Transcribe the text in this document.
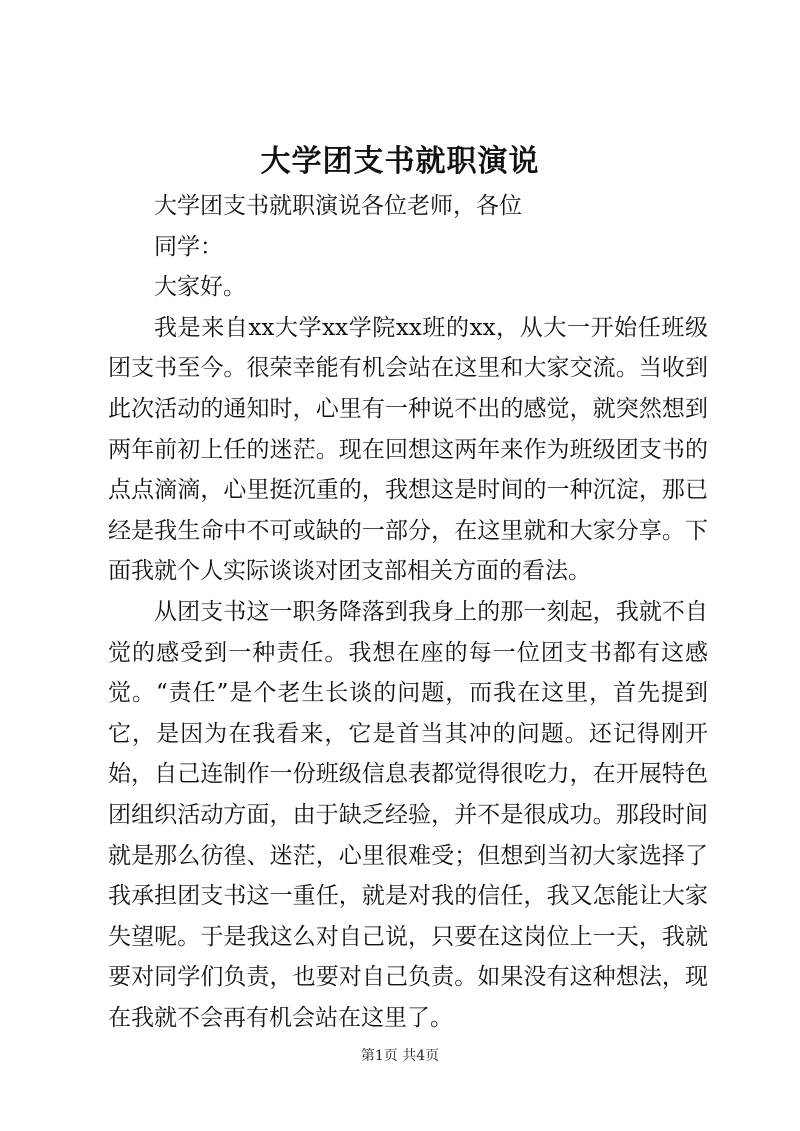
大学团支书就职演说

大学团支书就职演说各位老师，各位

同学：

大家好。

我是来自xx大学xx学院xx班的xx，从大一开始任班级团支书至今。很荣幸能有机会站在这里和大家交流。当收到此次活动的通知时，心里有一种说不出的感觉，就突然想到两年前初上任的迷茫。现在回想这两年来作为班级团支书的点点滴滴，心里挺沉重的，我想这是时间的一种沉淀，那已经是我生命中不可或缺的一部分，在这里就和大家分享。下面我就个人实际谈谈对团支部相关方面的看法。

从团支书这一职务降落到我身上的那一刻起，我就不自觉的感受到一种责任。我想在座的每一位团支书都有这感觉。“责任”是个老生长谈的问题，而我在这里，首先提到它，是因为在我看来，它是首当其冲的问题。还记得刚开始，自己连制作一份班级信息表都觉得很吃力，在开展特色团组织活动方面，由于缺乏经验，并不是很成功。那段时间就是那么彷徨、迷茫，心里很难受；但想到当初大家选择了我承担团支书这一重任，就是对我的信任，我又怎能让大家失望呢。于是我这么对自己说，只要在这岗位上一天，我就要对同学们负责，也要对自己负责。如果没有这种想法，现在我就不会再有机会站在这里了。

第1页 共4页
